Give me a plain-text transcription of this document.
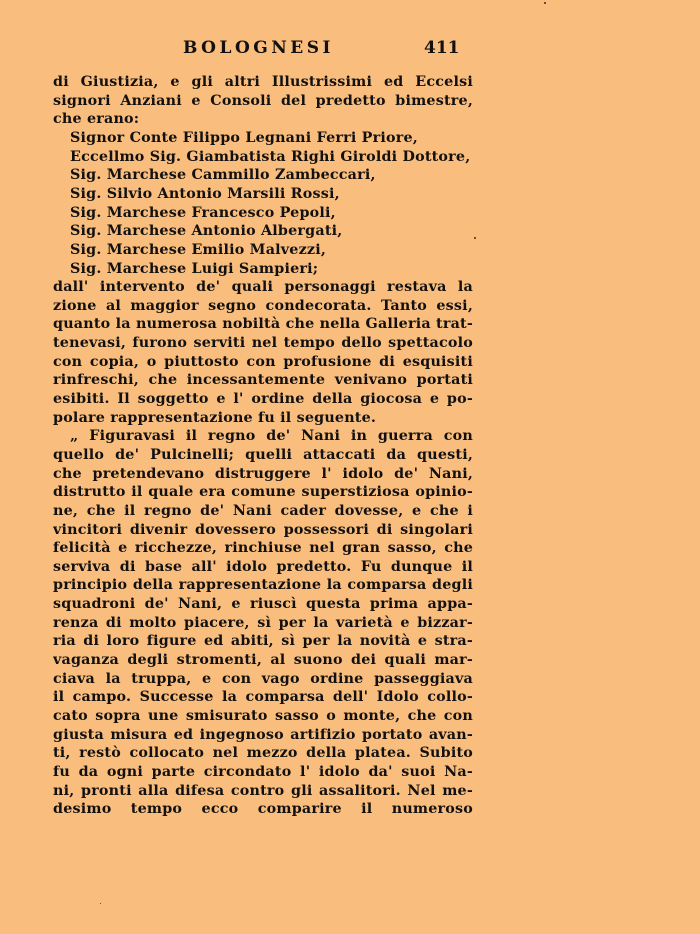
BOLOGNESI	411
di Giustizia, e gli altri Illustrissimi ed Eccelsi
signori Anziani e Consoli del predetto bimestre,
che erano:
Signor Conte Filippo Legnani Ferri Priore,
Eccellmo Sig. Giambatista Righi Giroldi Dottore,
Sig. Marchese Cammillo Zambeccari,
Sig. Silvio Antonio Marsili Rossi,
Sig. Marchese Francesco Pepoli,
Sig. Marchese Antonio Albergati,
Sig. Marchese Emilio Malvezzi,
Sig. Marchese Luigi Sampieri;
dall' intervento de' quali personaggi restava la
zione al maggior segno condecorata. Tanto essi,
quanto la numerosa nobiltà che nella Galleria trat-
tenevasi, furono serviti nel tempo dello spettacolo
con copia, o piuttosto con profusione di esquisiti
rinfreschi, che incessantemente venivano portati
esibiti. Il soggetto e l' ordine della giocosa e po-
polare rappresentazione fu il seguente.
„ Figuravasi il regno de' Nani in guerra con
quello de' Pulcinelli; quelli attaccati da questi,
che pretendevano distruggere l' idolo de' Nani,
distrutto il quale era comune superstiziosa opinio-
ne, che il regno de' Nani cader dovesse, e che i
vincitori divenir dovessero possessori di singolari
felicità e ricchezze, rinchiuse nel gran sasso, che
serviva di base all' idolo predetto. Fu dunque il
principio della rappresentazione la comparsa degli
squadroni de' Nani, e riuscì questa prima appa-
renza di molto piacere, sì per la varietà e bizzar-
ria di loro figure ed abiti, sì per la novità e stra-
vaganza degli stromenti, al suono dei quali mar-
ciava la truppa, e con vago ordine passeggiava
il campo. Successe la comparsa dell' Idolo collo-
cato sopra une smisurato sasso o monte, che con
giusta misura ed ingegnoso artifizio portato avan-
ti, restò collocato nel mezzo della platea. Subito
fu da ogni parte circondato l' idolo da' suoi Na-
ni, pronti alla difesa contro gli assalitori. Nel me-
desimo tempo ecco comparire il numeroso
